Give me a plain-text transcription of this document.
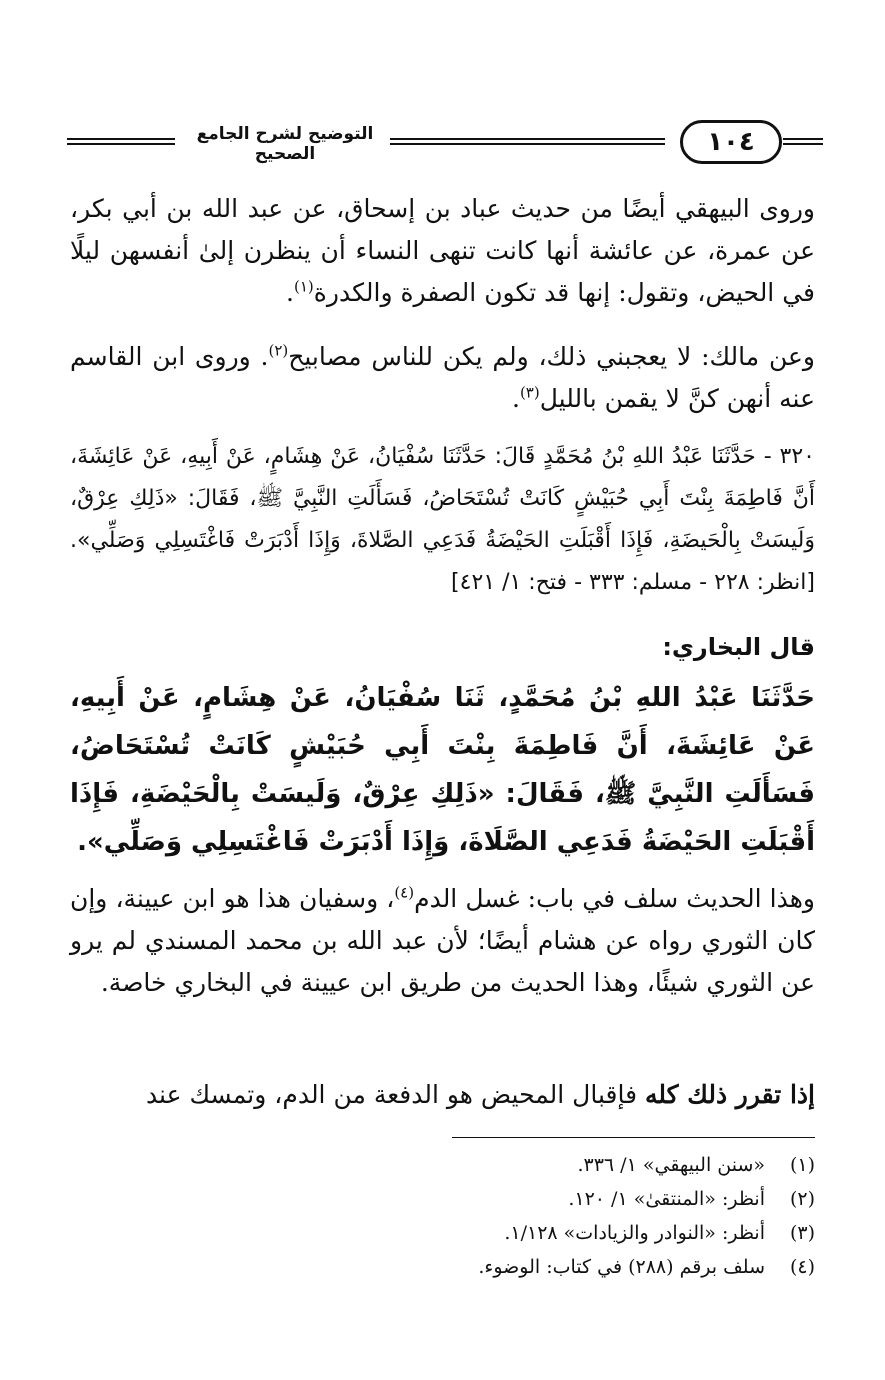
التوضيح لشرح الجامع الصحيح	١٠٤

وروى البيهقي أيضًا من حديث عباد بن إسحاق، عن عبد الله بن أبي بكر، عن عمرة، عن عائشة أنها كانت تنهى النساء أن ينظرن إلىٰ أنفسهن ليلًا في الحيض، وتقول: إنها قد تكون الصفرة والكدرة$^{(١)}$.

وعن مالك: لا يعجبني ذلك، ولم يكن للناس مصابيح$^{(٢)}$. وروى ابن القاسم عنه أنهن كنَّ لا يقمن بالليل$^{(٣)}$.

٣٢٠ - حَدَّثَنَا عَبْدُ اللهِ بْنُ مُحَمَّدٍ قَالَ: حَدَّثَنَا سُفْيَانُ، عَنْ هِشَامٍ، عَنْ أَبِيهِ، عَنْ عَائِشَةَ، أَنَّ فَاطِمَةَ بِنْتَ أَبِي حُبَيْشٍ كَانَتْ تُسْتَحَاضُ، فَسَأَلَتِ النَّبِيَّ ﷺ، فَقَالَ: «ذَلِكِ عِرْقٌ، وَلَيسَتْ بِالْحَيضَةِ، فَإِذَا أَقْبَلَتِ الحَيْضَةُ فَدَعِي الصَّلاةَ، وَإِذَا أَدْبَرَتْ فَاغْتَسِلِي وَصَلِّي». [انظر: ٢٢٨ - مسلم: ٣٣٣ - فتح: ١/ ٤٢١]

قال البخاري:

حَدَّثَنَا عَبْدُ اللهِ بْنُ مُحَمَّدٍ، ثَنَا سُفْيَانُ، عَنْ هِشَامٍ، عَنْ أَبِيهِ، عَنْ عَائِشَةَ، أَنَّ فَاطِمَةَ بِنْتَ أَبِي حُبَيْشٍ كَانَتْ تُسْتَحَاضُ، فَسَأَلَتِ النَّبِيَّ ﷺ، فَقَالَ: «ذَلِكِ عِرْقٌ، وَلَيسَتْ بِالْحَيْضَةِ، فَإِذَا أَقْبَلَتِ الحَيْضَةُ فَدَعِي الصَّلَاةَ، وَإِذَا أَدْبَرَتْ فَاغْتَسِلِي وَصَلِّي».

وهذا الحديث سلف في باب: غسل الدم$^{(٤)}$، وسفيان هذا هو ابن عيينة، وإن كان الثوري رواه عن هشام أيضًا؛ لأن عبد الله بن محمد المسندي لم يرو عن الثوري شيئًا، وهذا الحديث من طريق ابن عيينة في البخاري خاصة.

إذا تقرر ذلك كله فإقبال المحيض هو الدفعة من الدم، وتمسك عند

(١)
«سنن البيهقي» ١/ ٣٣٦.
(٢)
أنظر: «المنتقىٰ» ١/ ١٢٠.
(٣)
أنظر: «النوادر والزيادات» ١/١٢٨.
(٤)
سلف برقم (٢٨٨) في كتاب: الوضوء.
